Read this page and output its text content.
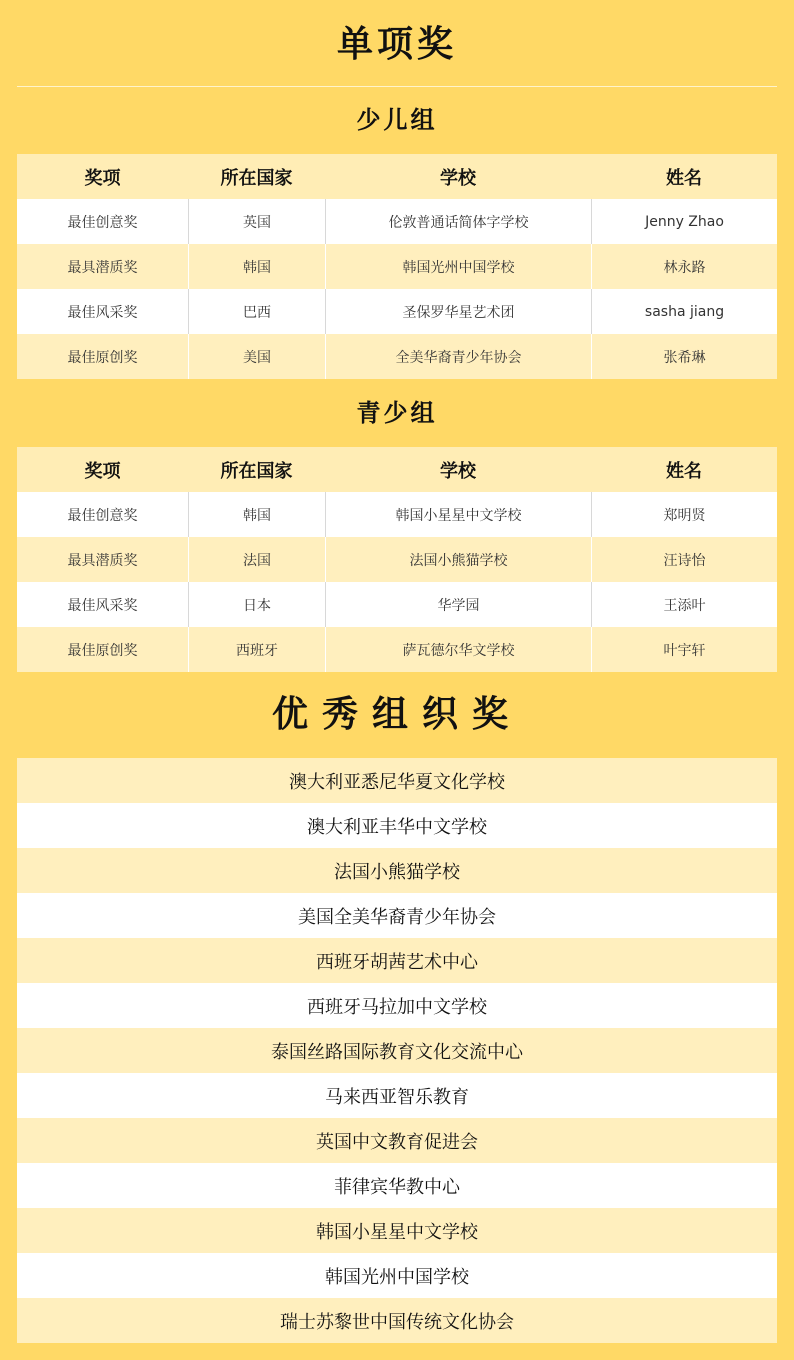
单项奖
少儿组
奖项	所在国家	学校	姓名
最佳创意奖	英国	伦敦普通话简体字学校	Jenny Zhao
最具潜质奖	韩国	韩国光州中国学校	林永路
最佳风采奖	巴西	圣保罗华星艺术团	sasha jiang
最佳原创奖	美国	全美华裔青少年协会	张希琳
青少组
奖项	所在国家	学校	姓名
最佳创意奖	韩国	韩国小星星中文学校	郑明贤
最具潜质奖	法国	法国小熊猫学校	汪诗怡
最佳风采奖	日本	华学园	王添叶
最佳原创奖	西班牙	萨瓦德尔华文学校	叶宇轩
优秀组织奖
澳大利亚悉尼华夏文化学校
澳大利亚丰华中文学校
法国小熊猫学校
美国全美华裔青少年协会
西班牙胡茜艺术中心
西班牙马拉加中文学校
泰国丝路国际教育文化交流中心
马来西亚智乐教育
英国中文教育促进会
菲律宾华教中心
韩国小星星中文学校
韩国光州中国学校
瑞士苏黎世中国传统文化协会
